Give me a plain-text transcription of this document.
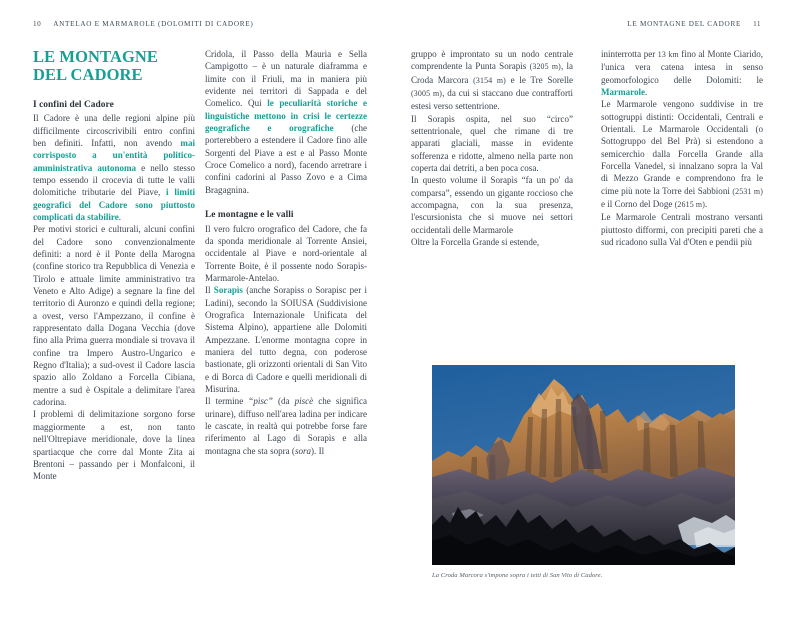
10 ANTELAO E MARMAROLE (DOLOMITI DI CADORE)	LE MONTAGNE DEL CADORE 11
LE MONTAGNE
DEL CADORE
I confini del Cadore

Il Cadore è una delle regioni alpine più difficilmente circoscrivibili entro confini ben definiti. Infatti, non avendo mai corrisposto a un'entità politico-amministrativa autonoma e nello stesso tempo essendo il crocevia di tutte le valli dolomitiche tributarie del Piave, i limiti geografici del Cadore sono piuttosto complicati da stabilire.

Per motivi storici e culturali, alcuni confini del Cadore sono convenzionalmente definiti: a nord è il Ponte della Marogna (confine storico tra Repubblica di Venezia e Tirolo e attuale limite amministrativo tra Veneto e Alto Adige) a segnare la fine del territorio di Auronzo e quindi della regione; a ovest, verso l'Ampezzano, il confine è rappresentato dalla Dogana Vecchia (dove fino alla Prima guerra mondiale si trovava il confine tra Impero Austro-Ungarico e Regno d'Italia); a sud-ovest il Cadore lascia spazio allo Zoldano a Forcella Cibiana, mentre a sud è Ospitale a delimitare l'area cadorina.

I problemi di delimitazione sorgono forse maggiormente a est, non tanto nell'Oltrepiave meridionale, dove la linea spartiacque che corre dal Monte Zita ai Brentoni – passando per i Monfalconi, il Monte

Cridola, il Passo della Mauria e Sella Campigotto – è un naturale diaframma e limite con il Friuli, ma in maniera più evidente nei territori di Sappada e del Comelico. Qui le peculiarità storiche e linguistiche mettono in crisi le certezze geografiche e orografiche (che porterebbero a estendere il Cadore fino alle Sorgenti del Piave a est e al Passo Monte Croce Comelico a nord), facendo arretrare i confini cadorini al Passo Zovo e a Cima Bragagnina.

Le montagne e le valli

Il vero fulcro orografico del Cadore, che fa da sponda meridionale al Torrente Ansiei, occidentale al Piave e nord-orientale al Torrente Boite, è il possente nodo Sorapìs-Marmarole-Antelao.

Il Sorapìs (anche Sorapiss o Sorapisc per i Ladini), secondo la SOIUSA (Suddivisione Orografica Internazionale Unificata del Sistema Alpino), appartiene alle Dolomiti Ampezzane. L'enorme montagna copre in maniera del tutto degna, con poderose bastionate, gli orizzonti orientali di San Vito e di Borca di Cadore e quelli meridionali di Misurina.

Il termine “pisc” (da piscè che significa urinare), diffuso nell'area ladina per indicare le cascate, in realtà qui potrebbe forse fare riferimento al Lago di Sorapìs e alla montagna che sta sopra (sora). Il

gruppo è improntato su un nodo centrale comprendente la Punta Sorapìs (3205 m), la Croda Marcora (3154 m) e le Tre Sorelle (3005 m), da cui si staccano due contrafforti estesi verso settentrione.

Il Sorapìs ospita, nel suo “circo” settentrionale, quel che rimane di tre apparati glaciali, masse in evidente sofferenza e ridotte, almeno nella parte non coperta dai detriti, a ben poca cosa.

In questo volume il Sorapìs “fa un po' da comparsa”, essendo un gigante roccioso che accompagna, con la sua presenza, l'escursionista che si muove nei settori occidentali delle Marmarole

Oltre la Forcella Grande si estende,

ininterrotta per 13 km fino al Monte Ciarido, l'unica vera catena intesa in senso geomorfologico delle Dolomiti: le Marmarole.

Le Marmarole vengono suddivise in tre sottogruppi distinti: Occidentali, Centrali e Orientali. Le Marmarole Occidentali (o Sottogruppo del Bel Prà) si estendono a semicerchio dalla Forcella Grande alla Forcella Vanedel, si innalzano sopra la Val di Mezzo Grande e comprendono fra le cime più note la Torre dei Sabbioni (2531 m) e il Corno del Doge (2615 m).

Le Marmarole Centrali mostrano versanti piuttosto difformi, con precipiti pareti che a sud ricadono sulla Val d'Oten e pendii più

La Croda Marcora s'impone sopra i tetti di San Vito di Cadore.
